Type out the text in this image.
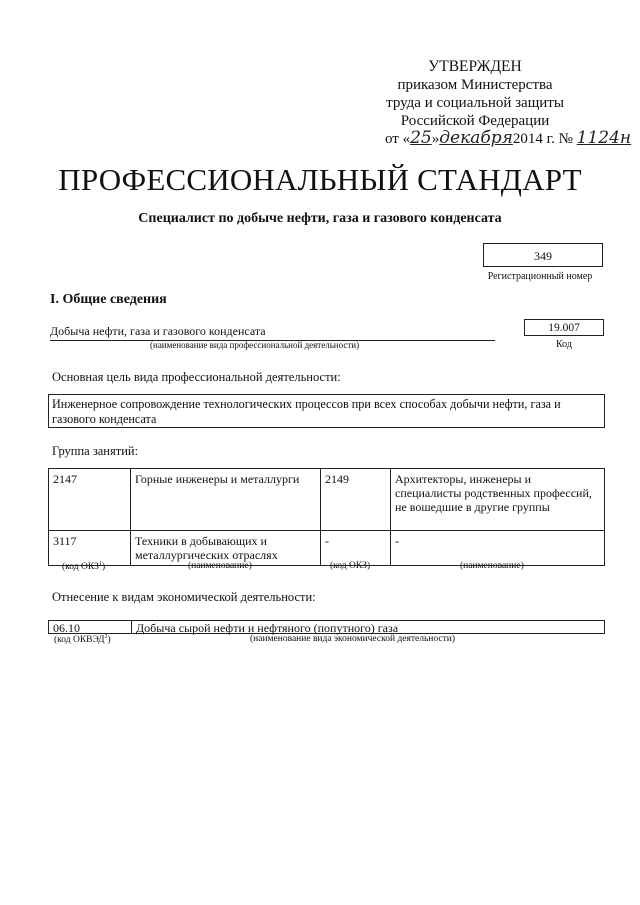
УТВЕРЖДЕН
приказом Министерства
труда и социальной защиты
Российской Федерации
от «25»декабря2014 г. № 1124н
ПРОФЕССИОНАЛЬНЫЙ СТАНДАРТ
Специалист по добыче нефти, газа и газового конденсата
349
Регистрационный номер
I. Общие сведения
Добыча нефти, газа и газового конденсата
(наименование вида профессиональной деятельности)
19.007
Код
Основная цель вида профессиональной деятельности:
Инженерное сопровождение технологических процессов при всех способах добычи нефти, газа и газового конденсата
Группа занятий:
2147	Горные инженеры и металлурги	2149	Архитекторы, инженеры и специалисты родственных профессий, не вошедшие в другие группы
3117	Техники в добывающих и металлургических отраслях	-	-
(код ОКЗ$^1$)	(наименование)	(код ОКЗ)	(наименование)
Отнесение к видам экономической деятельности:
06.10	Добыча сырой нефти и нефтяного (попутного) газа
(код ОКВЭД$^2$)	(наименование вида экономической деятельности)
